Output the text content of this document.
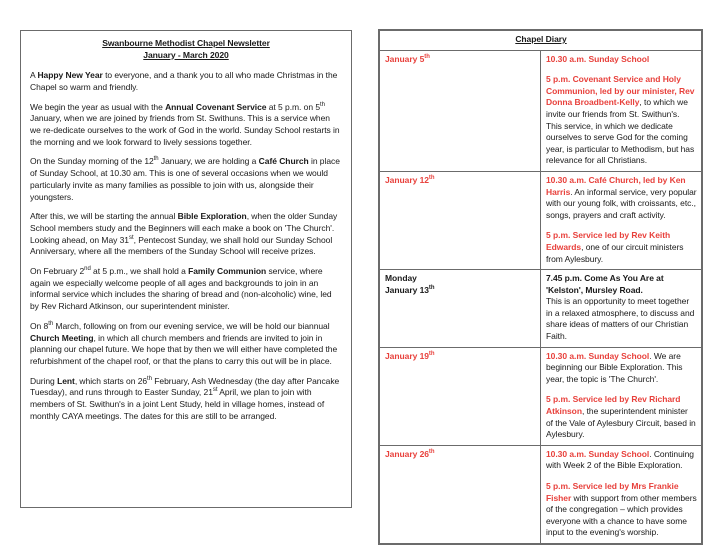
Swanbourne Methodist Chapel Newsletter
January - March 2020

A Happy New Year to everyone, and a thank you to all who made Christmas in the Chapel so warm and friendly.

We begin the year as usual with the Annual Covenant Service at 5 p.m. on 5th January, when we are joined by friends from St. Swithuns. This is a service when we re-dedicate ourselves to the work of God in the world. Sunday School restarts in the morning and we look forward to lively sessions together.

On the Sunday morning of the 12th January, we are holding a Café Church in place of Sunday School, at 10.30 am. This is one of several occasions when we would particularly invite as many families as possible to join with us, alongside their youngsters.

After this, we will be starting the annual Bible Exploration, when the older Sunday School members study and the Beginners will each make a book on 'The Church'. Looking ahead, on May 31st, Pentecost Sunday, we shall hold our Sunday School Anniversary, where all the members of the Sunday School will receive prizes.

On February 2nd at 5 p.m., we shall hold a Family Communion service, where again we especially welcome people of all ages and backgrounds to join in an informal service which includes the sharing of bread and (non-alcoholic) wine, led by Rev Richard Atkinson, our superintendent minister.

On 8th March, following on from our evening service, we will be hold our biannual Church Meeting, in which all church members and friends are invited to join in planning our chapel future. We hope that by then we will either have completed the refurbishment of the chapel roof, or that the plans to carry this out will be in place.

During Lent, which starts on 26th February, Ash Wednesday (the day after Pancake Tuesday), and runs through to Easter Sunday, 21st April, we plan to join with members of St. Swithun's in a joint Lent Study, held in village homes, instead of monthly CAYA meetings. The dates for this are still to be arranged.

Chapel Diary	

January 5th	10.30 a.m. Sunday School
5 p.m. Covenant Service and Holy Communion, led by our minister, Rev Donna Broadbent-Kelly, to which we invite our friends from St. Swithun's. This service, in which we dedicate ourselves to serve God for the coming year, is particular to Methodism, but has relevance for all Christians.

January 12th	10.30 a.m. Café Church, led by Ken Harris. An informal service, very popular with our young folk, with croissants, etc., songs, prayers and craft activity.
5 p.m. Service led by Rev Keith Edwards, one of our circuit ministers from Aylesbury.

Monday
January 13th	7.45 p.m. Come As You Are at 'Kelston', Mursley Road.
This is an opportunity to meet together in a relaxed atmosphere, to discuss and share ideas of matters of our Christian Faith.

January 19th	10.30 a.m. Sunday School. We are beginning our Bible Exploration. This year, the topic is 'The Church'.
5 p.m. Service led by Rev Richard Atkinson, the superintendent minister of the Vale of Aylesbury Circuit, based in Aylesbury.

January 26th	10.30 a.m. Sunday School. Continuing with Week 2 of the Bible Exploration.
5 p.m. Service led by Mrs Frankie Fisher with support from other members of the congregation – which provides everyone with a chance to have some input to the evening's worship.
